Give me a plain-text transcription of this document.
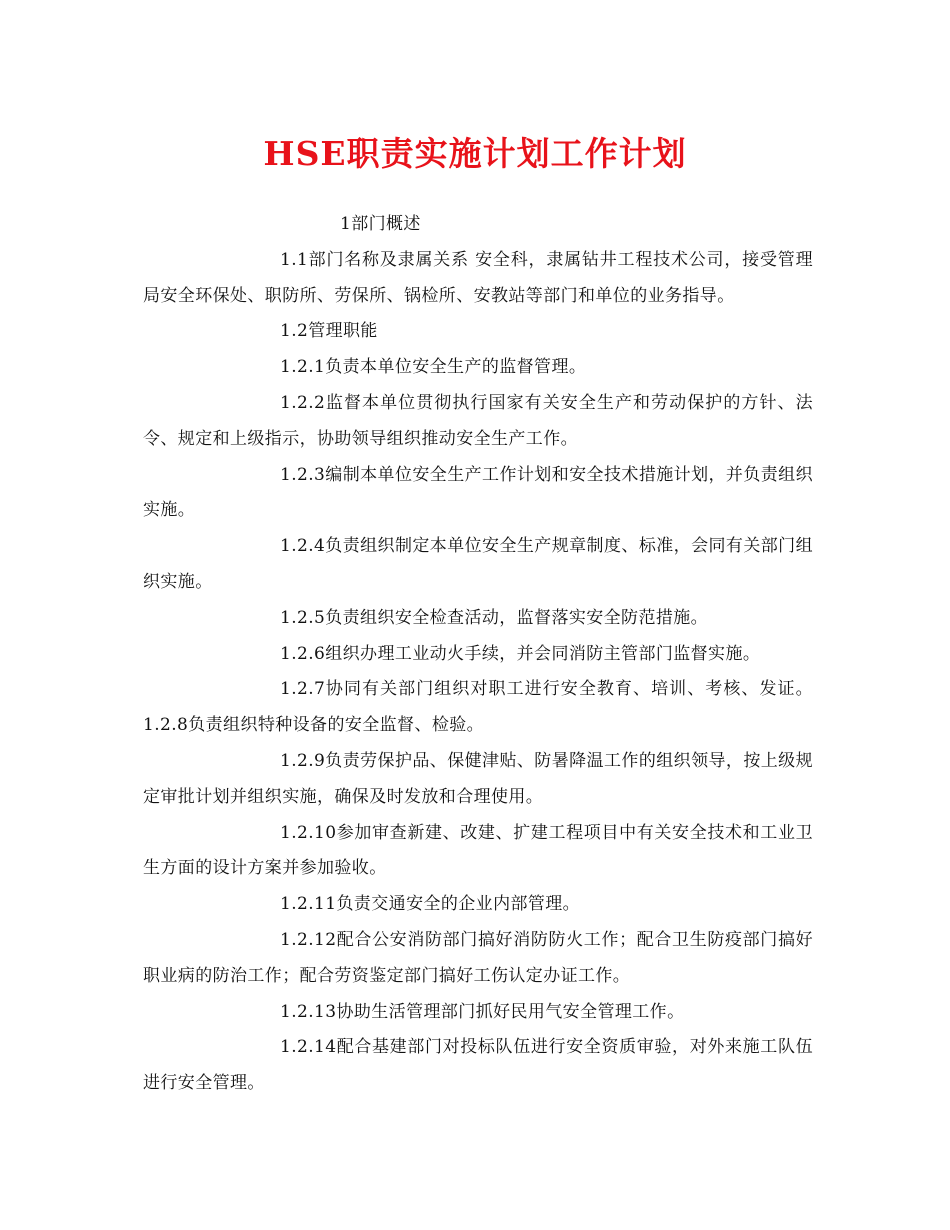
HSE职责实施计划工作计划

1部门概述

1.1部门名称及隶属关系 安全科，隶属钻井工程技术公司，接受管理局安全环保处、职防所、劳保所、锅检所、安教站等部门和单位的业务指导。

1.2管理职能

1.2.1负责本单位安全生产的监督管理。

1.2.2监督本单位贯彻执行国家有关安全生产和劳动保护的方针、法令、规定和上级指示，协助领导组织推动安全生产工作。

1.2.3编制本单位安全生产工作计划和安全技术措施计划，并负责组织实施。

1.2.4负责组织制定本单位安全生产规章制度、标准，会同有关部门组织实施。

1.2.5负责组织安全检查活动，监督落实安全防范措施。

1.2.6组织办理工业动火手续，并会同消防主管部门监督实施。

1.2.7协同有关部门组织对职工进行安全教育、培训、考核、发证。 1.2.8负责组织特种设备的安全监督、检验。

1.2.9负责劳保护品、保健津贴、防暑降温工作的组织领导，按上级规定审批计划并组织实施，确保及时发放和合理使用。

1.2.10参加审查新建、改建、扩建工程项目中有关安全技术和工业卫生方面的设计方案并参加验收。

1.2.11负责交通安全的企业内部管理。

1.2.12配合公安消防部门搞好消防防火工作；配合卫生防疫部门搞好职业病的防治工作；配合劳资鉴定部门搞好工伤认定办证工作。

1.2.13协助生活管理部门抓好民用气安全管理工作。

1.2.14配合基建部门对投标队伍进行安全资质审验，对外来施工队伍进行安全管理。
